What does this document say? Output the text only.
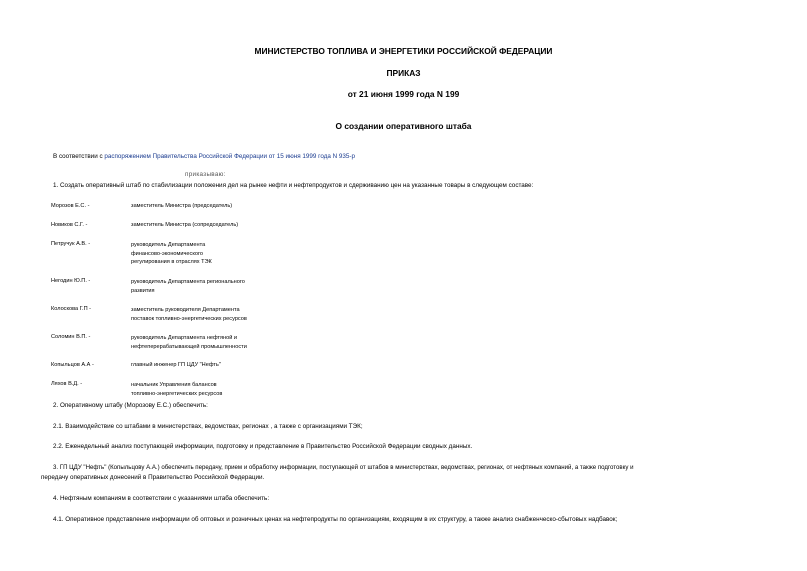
МИНИСТЕРСТВО ТОПЛИВА И ЭНЕРГЕТИКИ РОССИЙСКОЙ ФЕДЕРАЦИИ
ПРИКАЗ
от 21 июня 1999 года N 199
О создании оперативного штаба
В соответствии с распоряжением Правительства Российской Федерации от 15 июня 1999 года N 935-р
приказываю:
1. Создать оперативный штаб по стабилизации положения дел на рынке нефти и нефтепродуктов и сдерживанию цен на указанные товары в следующем составе:
Морозов Е.С. -	заместитель Министра (председатель)
Новиков С.Г. -	заместитель Министра (сопредседатель)
Петручук А.В. -	руководитель Департамента
финансово-экономического
регулирования в отраслях ТЭК
Негодин Ю.П. -	руководитель Департамента регионального
развития
Колоскова Г.П -	заместитель руководителя Департамента
поставок топливно-энергетических ресурсов
Соломин В.П. -	руководитель Департамента нефтяной и
нефтеперерабатывающей промышленности
Копыльцов А.А -	главный инженер ГП ЦДУ "Нефть"
Ляхов В.Д. -	начальник Управления балансов
топливно-энергетических ресурсов
2. Оперативному штабу (Морозову Е.С.) обеспечить:
2.1. Взаимодействие со штабами в министерствах, ведомствах, регионах , а также с организациями ТЭК;
2.2. Еженедельный анализ поступающей информации, подготовку и представление в Правительство Российской Федерации сводных данных.
3. ГП ЦДУ "Нефть" (Копыльцову А.А.) обеспечить передачу, прием и обработку информации, поступающей от штабов в министерствах, ведомствах, регионах, от нефтяных компаний, а также подготовку и
передачу оперативных донесений в Правительство Российской Федерации.
4. Нефтяным компаниям в соответствии с указаниями штаба обеспечить:
4.1. Оперативное представление информации об оптовых и розничных ценах на нефтепродукты по организациям, входящим в их структуру, а также анализ снабженческо-сбытовых надбавок;
